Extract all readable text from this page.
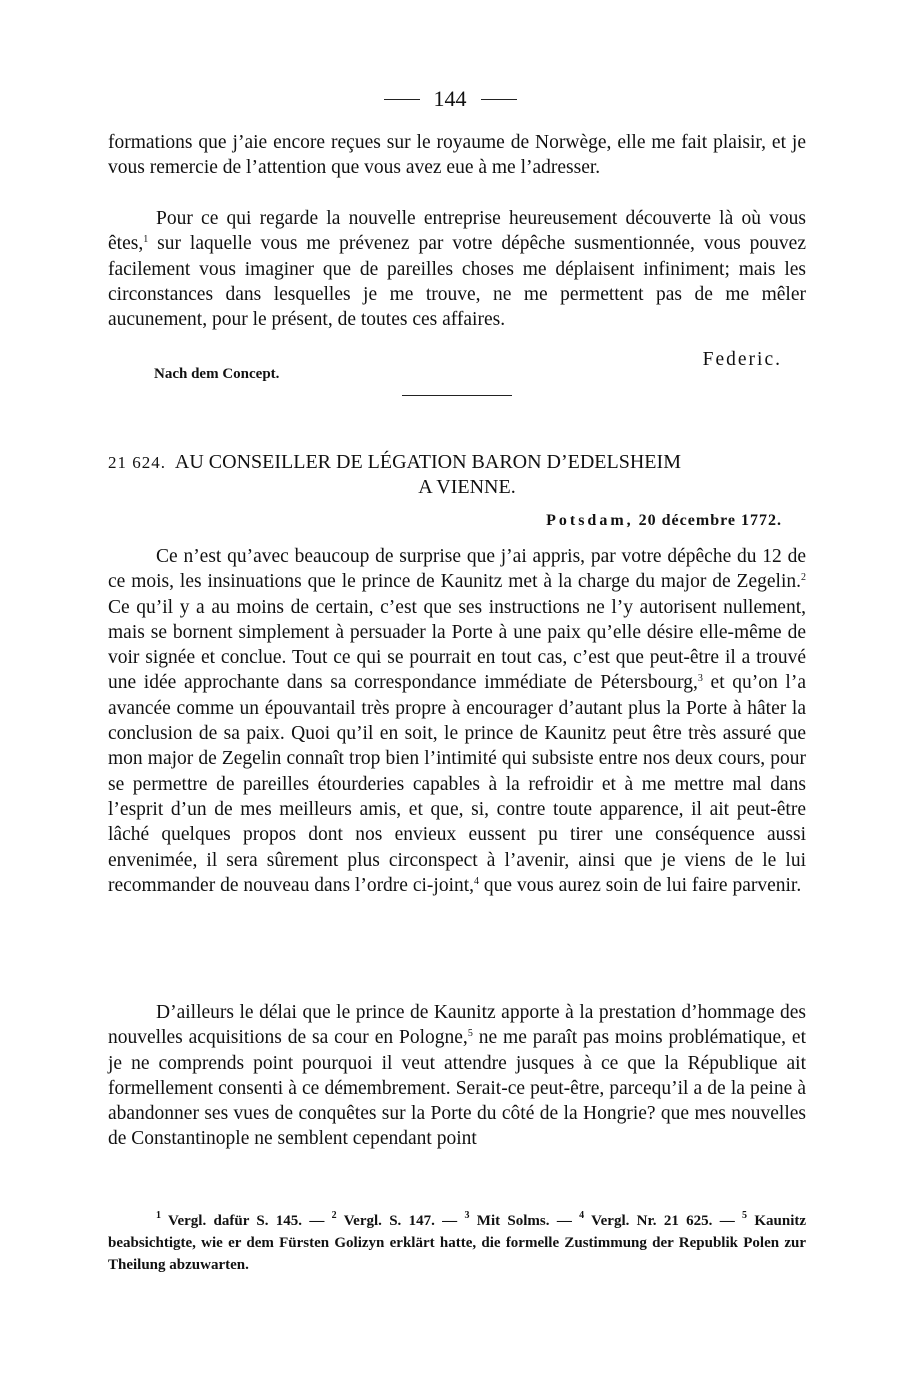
144

formations que j’aie encore reçues sur le royaume de Norwège, elle me fait plaisir, et je vous remercie de l’attention que vous avez eue à me l’adresser.

Pour ce qui regarde la nouvelle entreprise heureusement découverte là où vous êtes,$^1$ sur laquelle vous me prévenez par votre dépêche susmentionnée, vous pouvez facilement vous imaginer que de pareilles choses me déplaisent infiniment; mais les circonstances dans lesquelles je me trouve, ne me permettent pas de me mêler aucunement, pour le présent, de toutes ces affaires.

Nach dem Concept.
Federic.
21 624. AU CONSEILLER DE LÉGATION BARON D’EDELSHEIM
A VIENNE.
Potsdam, 20 décembre 1772.

Ce n’est qu’avec beaucoup de surprise que j’ai appris, par votre dépêche du 12 de ce mois, les insinuations que le prince de Kaunitz met à la charge du major de Zegelin.$^2$ Ce qu’il y a au moins de certain, c’est que ses instructions ne l’y autorisent nullement, mais se bornent simplement à persuader la Porte à une paix qu’elle désire elle-même de voir signée et conclue. Tout ce qui se pourrait en tout cas, c’est que peut-être il a trouvé une idée approchante dans sa correspondance immédiate de Pétersbourg,$^3$ et qu’on l’a avancée comme un épouvantail très propre à encourager d’autant plus la Porte à hâter la conclusion de sa paix. Quoi qu’il en soit, le prince de Kaunitz peut être très assuré que mon major de Zegelin connaît trop bien l’intimité qui subsiste entre nos deux cours, pour se permettre de pareilles étourderies capables à la refroidir et à me mettre mal dans l’esprit d’un de mes meilleurs amis, et que, si, contre toute apparence, il ait peut-être lâché quelques propos dont nos envieux eussent pu tirer une conséquence aussi envenimée, il sera sûrement plus circonspect à l’avenir, ainsi que je viens de le lui recommander de nouveau dans l’ordre ci-joint,$^4$ que vous aurez soin de lui faire parvenir.

D’ailleurs le délai que le prince de Kaunitz apporte à la prestation d’hommage des nouvelles acquisitions de sa cour en Pologne,$^5$ ne me paraît pas moins problématique, et je ne comprends point pourquoi il veut attendre jusques à ce que la République ait formellement consenti à ce démembrement. Serait-ce peut-être, parcequ’il a de la peine à abandonner ses vues de conquêtes sur la Porte du côté de la Hongrie? que mes nouvelles de Constantinople ne semblent cependant point

$^1$ Vergl. dafür S. 145. — $^2$ Vergl. S. 147. — $^3$ Mit Solms. — $^4$ Vergl. Nr. 21 625. — $^5$ Kaunitz beabsichtigte, wie er dem Fürsten Golizyn erklärt hatte, die formelle Zustimmung der Republik Polen zur Theilung abzuwarten.
